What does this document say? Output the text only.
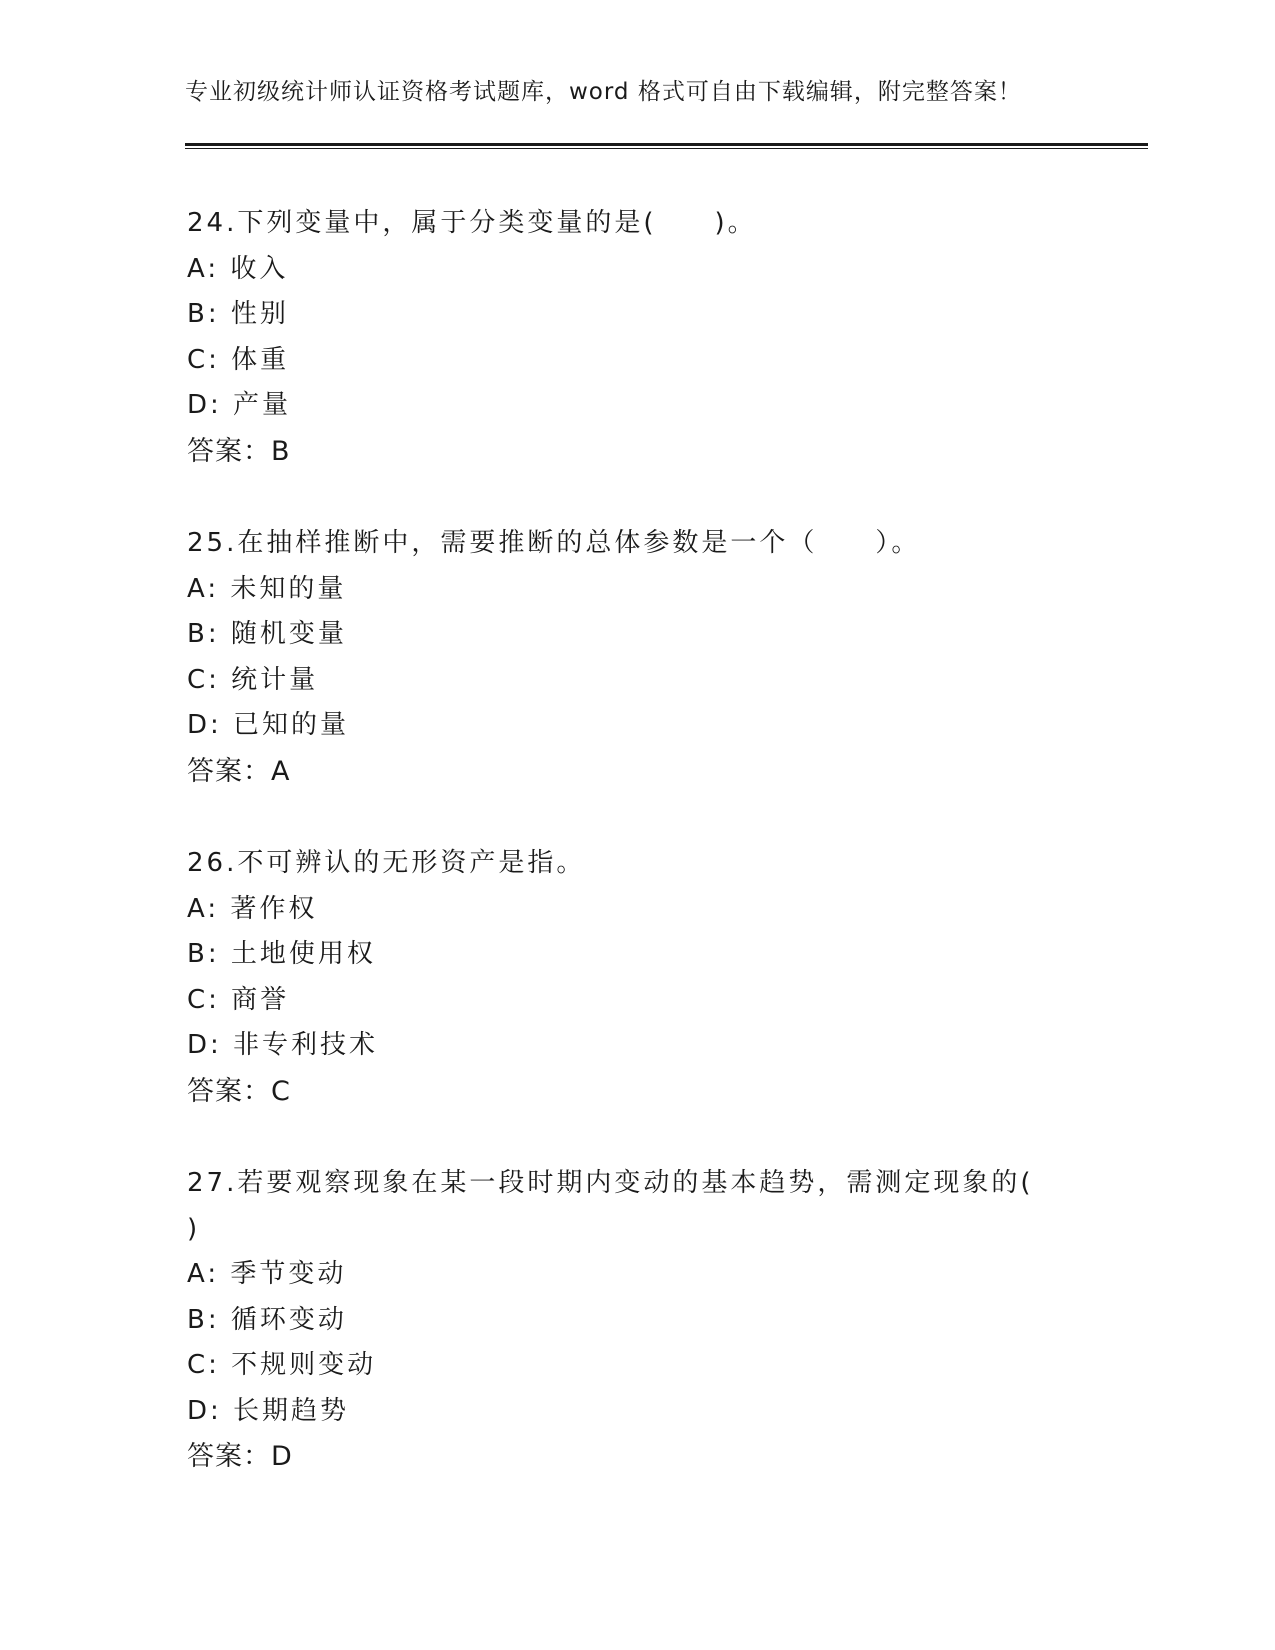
专业初级统计师认证资格考试题库，word 格式可自由下载编辑，附完整答案！
24.下列变量中，属于分类变量的是(　　)。
A: 收入
B: 性别
C: 体重
D: 产量
答案：B
25.在抽样推断中，需要推断的总体参数是一个（　　）。
A: 未知的量
B: 随机变量
C: 统计量
D: 已知的量
答案：A
26.不可辨认的无形资产是指。
A: 著作权
B: 土地使用权
C: 商誉
D: 非专利技术
答案：C
27.若要观察现象在某一段时期内变动的基本趋势，需测定现象的(　　)
A: 季节变动
B: 循环变动
C: 不规则变动
D: 长期趋势
答案：D
